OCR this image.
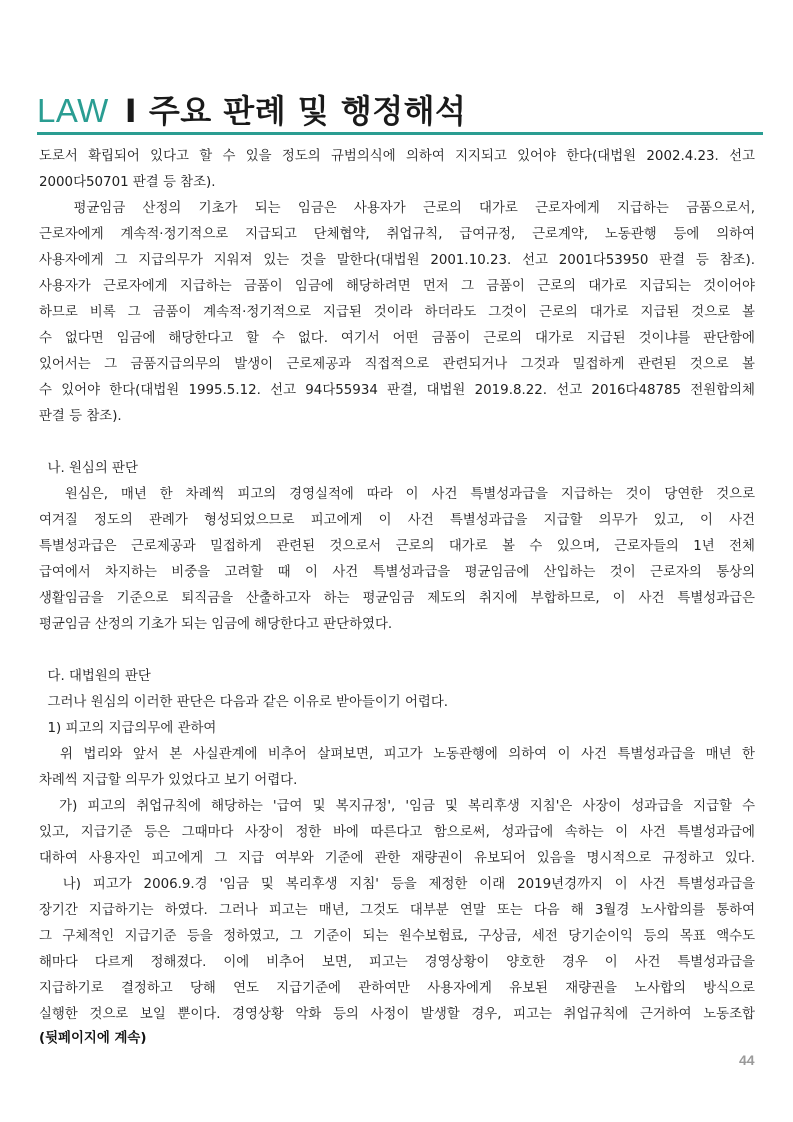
LAW I 주요 판례 및 행정해석
도로서 확립되어 있다고 할 수 있을 정도의 규범의식에 의하여 지지되고 있어야 한다(대법원 2002.4.23. 선고
2000다50701 판결 등 참조).
평균임금 산정의 기초가 되는 임금은 사용자가 근로의 대가로 근로자에게 지급하는 금품으로서,
근로자에게 계속적·정기적으로 지급되고 단체협약, 취업규칙, 급여규정, 근로계약, 노동관행 등에 의하여
사용자에게 그 지급의무가 지워져 있는 것을 말한다(대법원 2001.10.23. 선고 2001다53950 판결 등 참조).
사용자가 근로자에게 지급하는 금품이 임금에 해당하려면 먼저 그 금품이 근로의 대가로 지급되는 것이어야
하므로 비록 그 금품이 계속적·정기적으로 지급된 것이라 하더라도 그것이 근로의 대가로 지급된 것으로 볼
수 없다면 임금에 해당한다고 할 수 없다. 여기서 어떤 금품이 근로의 대가로 지급된 것이냐를 판단함에
있어서는 그 금품지급의무의 발생이 근로제공과 직접적으로 관련되거나 그것과 밀접하게 관련된 것으로 볼
수 있어야 한다(대법원 1995.5.12. 선고 94다55934 판결, 대법원 2019.8.22. 선고 2016다48785 전원합의체
판결 등 참조).
나. 원심의 판단
원심은, 매년 한 차례씩 피고의 경영실적에 따라 이 사건 특별성과급을 지급하는 것이 당연한 것으로
여겨질 정도의 관례가 형성되었으므로 피고에게 이 사건 특별성과급을 지급할 의무가 있고, 이 사건
특별성과급은 근로제공과 밀접하게 관련된 것으로서 근로의 대가로 볼 수 있으며, 근로자들의 1년 전체
급여에서 차지하는 비중을 고려할 때 이 사건 특별성과급을 평균임금에 산입하는 것이 근로자의 통상의
생활임금을 기준으로 퇴직금을 산출하고자 하는 평균임금 제도의 취지에 부합하므로, 이 사건 특별성과급은
평균임금 산정의 기초가 되는 임금에 해당한다고 판단하였다.
다. 대법원의 판단
그러나 원심의 이러한 판단은 다음과 같은 이유로 받아들이기 어렵다.
1) 피고의 지급의무에 관하여
위 법리와 앞서 본 사실관계에 비추어 살펴보면, 피고가 노동관행에 의하여 이 사건 특별성과급을 매년 한
차례씩 지급할 의무가 있었다고 보기 어렵다.
가) 피고의 취업규칙에 해당하는 '급여 및 복지규정', '임금 및 복리후생 지침'은 사장이 성과급을 지급할 수
있고, 지급기준 등은 그때마다 사장이 정한 바에 따른다고 함으로써, 성과급에 속하는 이 사건 특별성과급에
대하여 사용자인 피고에게 그 지급 여부와 기준에 관한 재량권이 유보되어 있음을 명시적으로 규정하고 있다.
나) 피고가 2006.9.경 '임금 및 복리후생 지침' 등을 제정한 이래 2019년경까지 이 사건 특별성과급을
장기간 지급하기는 하였다. 그러나 피고는 매년, 그것도 대부분 연말 또는 다음 해 3월경 노사합의를 통하여
그 구체적인 지급기준 등을 정하였고, 그 기준이 되는 원수보험료, 구상금, 세전 당기순이익 등의 목표 액수도
해마다 다르게 정해졌다. 이에 비추어 보면, 피고는 경영상황이 양호한 경우 이 사건 특별성과급을
지급하기로 결정하고 당해 연도 지급기준에 관하여만 사용자에게 유보된 재량권을 노사합의 방식으로
실행한 것으로 보일 뿐이다. 경영상황 악화 등의 사정이 발생할 경우, 피고는 취업규칙에 근거하여 노동조합
(뒷페이지에 계속)
44
